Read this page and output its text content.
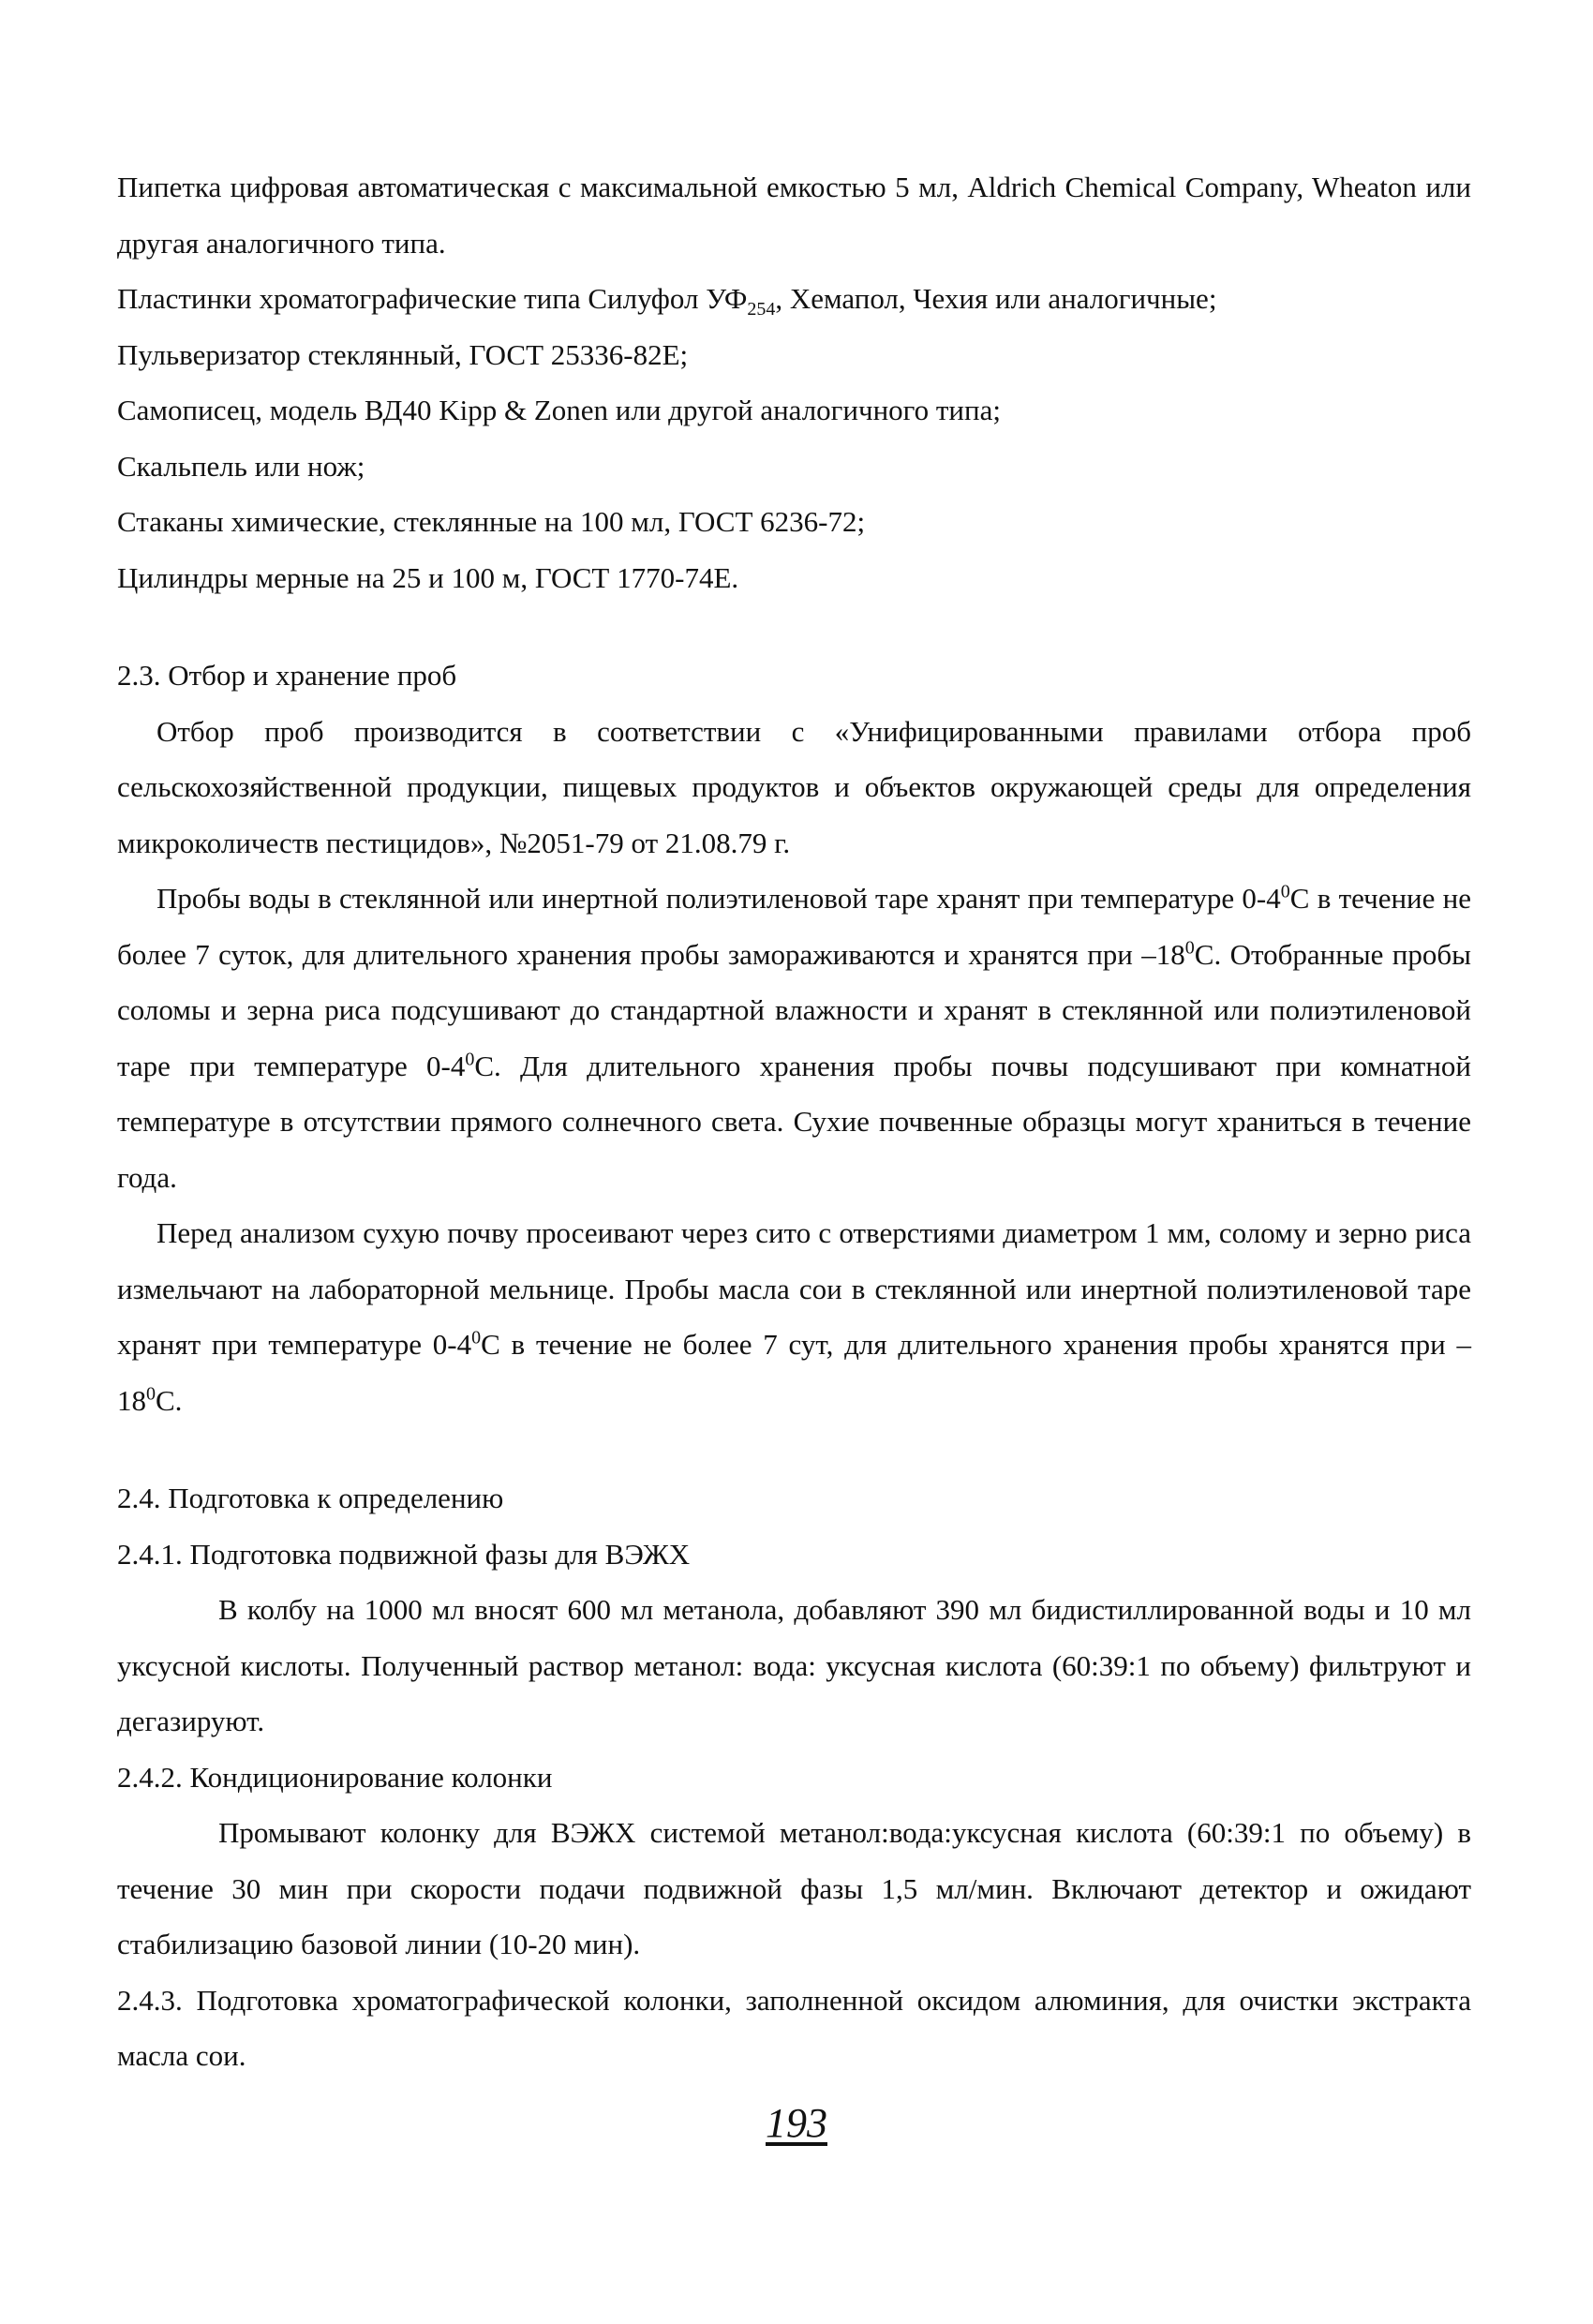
Пипетка цифровая автоматическая с максимальной емкостью 5 мл, Aldrich Chemical Company, Wheaton или другая аналогичного типа.

Пластинки хроматографические типа Силуфол $УФ_{254}$, Хемапол, Чехия или аналогичные;

Пульверизатор стеклянный, ГОСТ 25336-82Е;

Самописец, модель ВД40 Kipp & Zonen или другой аналогичного типа;

Скальпель или нож;

Стаканы химические, стеклянные на 100 мл, ГОСТ 6236-72;

Цилиндры мерные на 25 и 100 м, ГОСТ 1770-74Е.

2.3. Отбор и хранение проб

Отбор проб производится в соответствии с «Унифицированными правилами отбора проб сельскохозяйственной продукции, пищевых продуктов и объектов окружающей среды для определения микроколичеств пестицидов», №2051-79 от 21.08.79 г.

Пробы воды в стеклянной или инертной полиэтиленовой таре хранят при температуре $0-4^0С$ в течение не более 7 суток, для длительного хранения пробы замораживаются и хранятся при $-18^0С$. Отобранные пробы соломы и зерна риса подсушивают до стандартной влажности и хранят в стеклянной или полиэтиленовой таре при температуре $0-4^0С$. Для длительного хранения пробы почвы подсушивают при комнатной температуре в отсутствии прямого солнечного света. Сухие почвенные образцы могут храниться в течение года.

Перед анализом сухую почву просеивают через сито с отверстиями диаметром 1 мм, солому и зерно риса измельчают на лабораторной мельнице. Пробы масла сои в стеклянной или инертной полиэтиленовой таре хранят при температуре $0-4^0С$ в течение не более 7 сут, для длительного хранения пробы хранятся при $-18^0С$.

2.4. Подготовка к определению

2.4.1. Подготовка подвижной фазы для ВЭЖХ

В колбу на 1000 мл вносят 600 мл метанола, добавляют 390 мл бидистиллированной воды и 10 мл уксусной кислоты. Полученный раствор метанол: вода: уксусная кислота (60:39:1 по объему) фильтруют и дегазируют.

2.4.2. Кондиционирование колонки

Промывают колонку для ВЭЖХ системой метанол:вода:уксусная кислота (60:39:1 по объему) в течение 30 мин при скорости подачи подвижной фазы 1,5 мл/мин. Включают детектор и ожидают стабилизацию базовой линии (10-20 мин).

2.4.3. Подготовка хроматографической колонки, заполненной оксидом алюминия, для очистки экстракта масла сои.

193
